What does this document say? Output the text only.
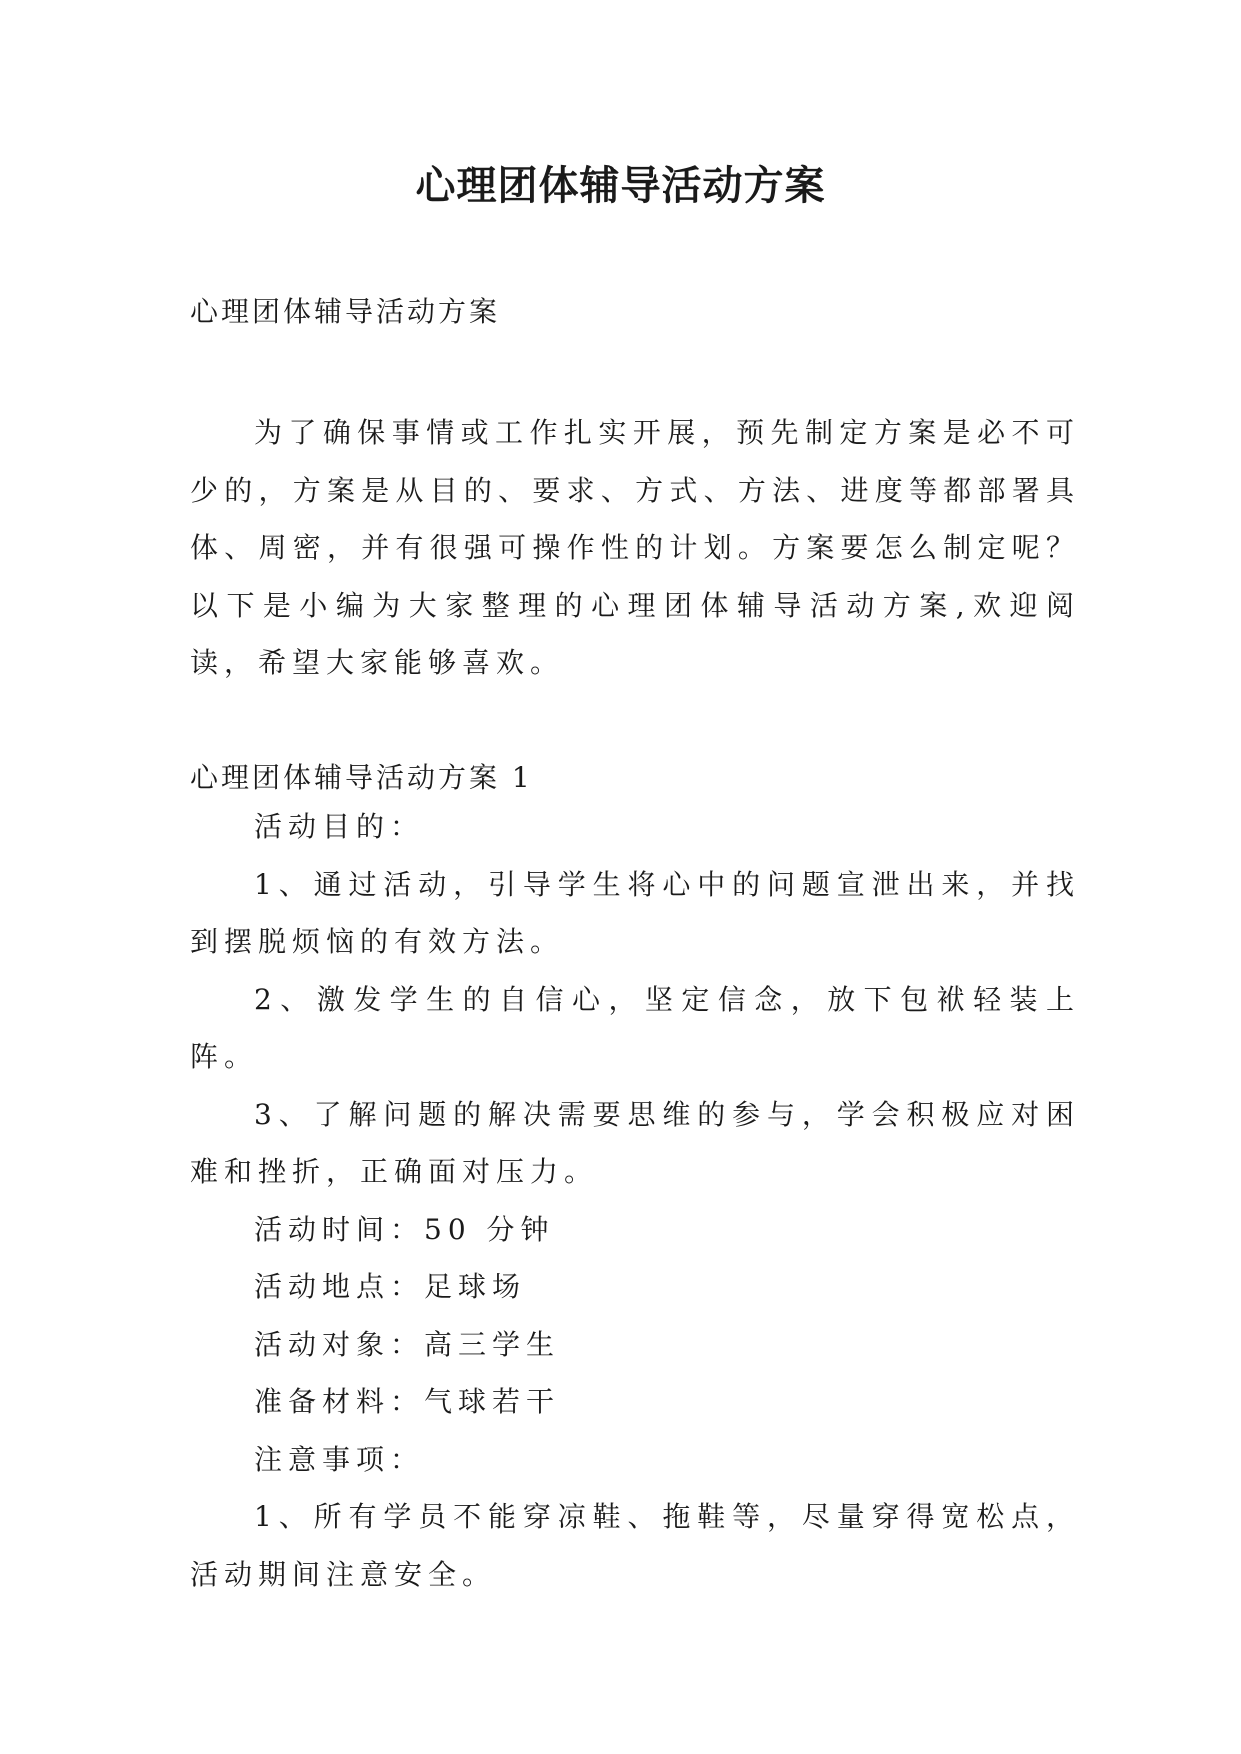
心理团体辅导活动方案
心理团体辅导活动方案

为了确保事情或工作扎实开展，预先制定方案是必不可少的，方案是从目的、要求、方式、方法、进度等都部署具体、周密，并有很强可操作性的计划。方案要怎么制定呢？以下是小编为大家整理的心理团体辅导活动方案,欢迎阅读，希望大家能够喜欢。

心理团体辅导活动方案 1

活动目的：

1、通过活动，引导学生将心中的问题宣泄出来，并找到摆脱烦恼的有效方法。

2、激发学生的自信心，坚定信念，放下包袱轻装上阵。

3、了解问题的解决需要思维的参与，学会积极应对困难和挫折，正确面对压力。

活动时间：50 分钟

活动地点：足球场

活动对象：高三学生

准备材料：气球若干

注意事项：

1、所有学员不能穿凉鞋、拖鞋等，尽量穿得宽松点，活动期间注意安全。
